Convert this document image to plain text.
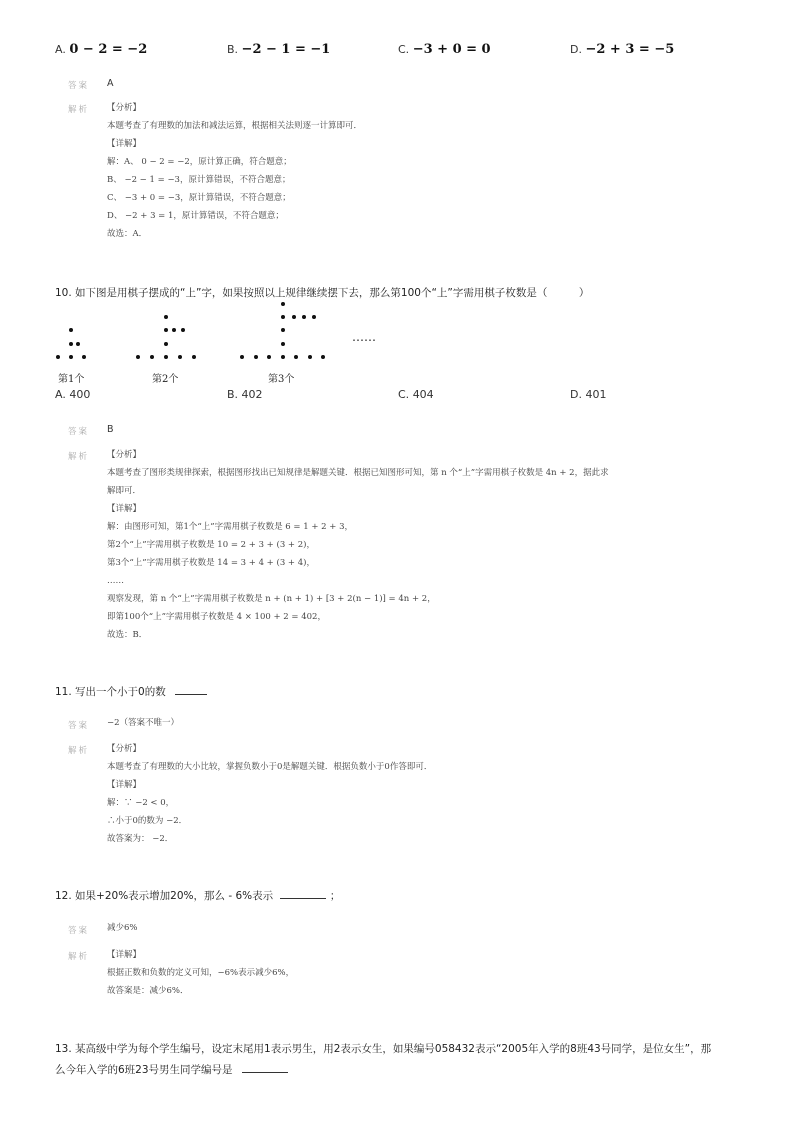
A. 0 − 2 = −2	B. −2 − 1 = −1	C. −3 + 0 = 0	D. −2 + 3 = −5
答案 A
解析 【分析】
本题考查了有理数的加法和减法运算，根据相关法则逐一计算即可．
【详解】
解：A、 0 − 2 = −2，原计算正确，符合题意；
B、 −2 − 1 = −3，原计算错误，不符合题意；
C、 −3 + 0 = −3，原计算错误，不符合题意；
D、 −2 + 3 = 1，原计算错误，不符合题意；
故选：A．
10. 如下图是用棋子摆成的“上”字，如果按照以上规律继续摆下去，那么第100个“上”字需用棋子枚数是（　　　）
……
第1个	第2个	第3个
A. 400	B. 402	C. 404	D. 401
答案 B
解析 【分析】
本题考查了图形类规律探索，根据图形找出已知规律是解题关键．根据已知图形可知，第 n 个“上”字需用棋子枚数是 4n + 2，据此求
解即可．
【详解】
解：由图形可知，第1个“上”字需用棋子枚数是 6 = 1 + 2 + 3，
第2个“上”字需用棋子枚数是 10 = 2 + 3 + (3 + 2)，
第3个“上”字需用棋子枚数是 14 = 3 + 4 + (3 + 4)，
……
观察发现，第 n 个“上”字需用棋子枚数是 n + (n + 1) + [3 + 2(n − 1)] = 4n + 2，
即第100个“上”字需用棋子枚数是 4 × 100 + 2 = 402，
故选：B．
11. 写出一个小于0的数
答案 −2（答案不唯一）
解析 【分析】
本题考查了有理数的大小比较，掌握负数小于0是解题关键．根据负数小于0作答即可．
【详解】
解：∵ −2 < 0，
∴小于0的数为 −2．
故答案为： −2．
12. 如果+20%表示增加20%，那么 - 6%表示	；
答案 减少6%
解析 【详解】
根据正数和负数的定义可知，−6%表示减少6%，
故答案是：减少6%．
13. 某高级中学为每个学生编号，设定末尾用1表示男生，用2表示女生，如果编号058432表示“2005年入学的8班43号同学，是位女生”，那
么今年入学的6班23号男生同学编号是
